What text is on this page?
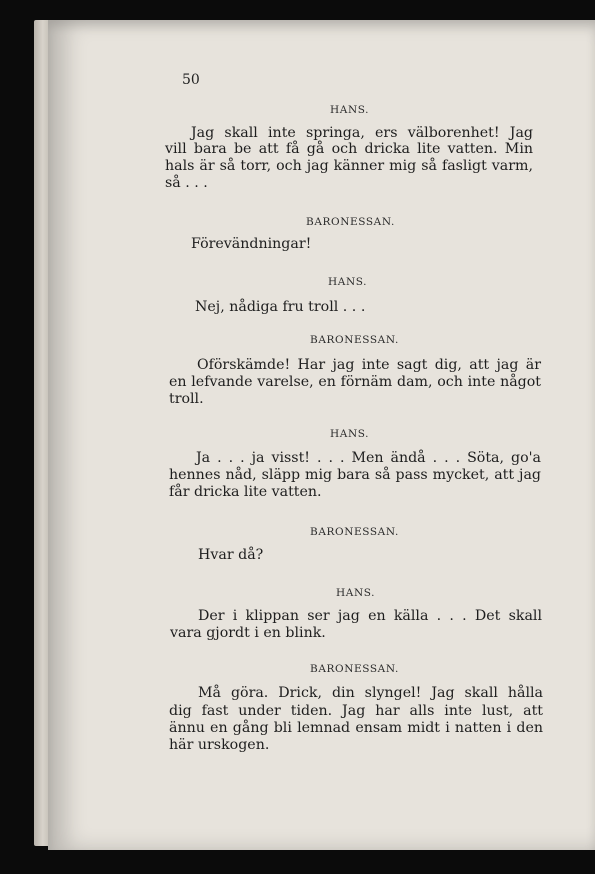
50
HANS.
Jag skall inte springa, ers välborenhet! Jag
vill bara be att få gå och dricka lite vatten. Min
hals är så torr, och jag känner mig så fasligt varm,
så . . .
BARONESSAN.
Förevändningar!
HANS.
Nej, nådiga fru troll . . .
BARONESSAN.
Oförskämde! Har jag inte sagt dig, att jag är
en lefvande varelse, en förnäm dam, och inte något
troll.
HANS.
Ja . . . ja visst! . . . Men ändå . . . Söta, go'a
hennes nåd, släpp mig bara så pass mycket, att jag
får dricka lite vatten.
BARONESSAN.
Hvar då?
HANS.
Der i klippan ser jag en källa . . . Det skall
vara gjordt i en blink.
BARONESSAN.
Må göra. Drick, din slyngel! Jag skall hålla
dig fast under tiden. Jag har alls inte lust, att
ännu en gång bli lemnad ensam midt i natten i den
här urskogen.
